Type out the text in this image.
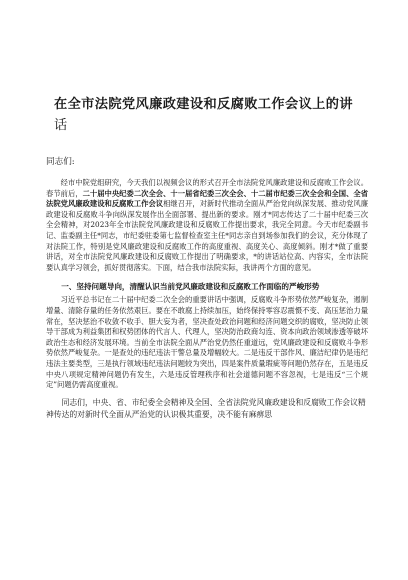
在全市法院党风廉政建设和反腐败工作会议上的讲
话
同志们:

经市中院党组研究，今天我们以视频会议的形式召开全市法院党风廉政建设和反腐败工作会议。春节前后，二十届中央纪委二次全会、十一届省纪委三次全会、十二届市纪委三次全会和全国、全省法院党风廉政建设和反腐败工作会议相继召开，对新时代推动全面从严治党向纵深发展、推动党风廉政建设和反腐败斗争向纵深发展作出全面部署、提出新的要求。刚才*同志传达了二十届中纪委三次全会精神，对2023年全市法院党风廉政建设和反腐败工作提出要求，我完全同意。今天市纪委副书记、监委副主任*同志，市纪委驻委第七监督检查室主任*同志亲自到场参加我们的会议，充分体现了对法院工作，特别是党风廉政建设和反腐败工作的高度重视、高度关心、高度倾斜。刚才*做了重要讲话，对全市法院党风廉政建设和反腐败工作提出了明确要求，*的讲话站位高、内容实，全市法院要认真学习领会，抓好贯彻落实。下面，结合我市法院实际，我讲两个方面的意见。

一、坚持问题导向，清醒认识当前党风廉政建设和反腐败工作面临的严峻形势

习近平总书记在二十届中纪委二次全会的重要讲话中强调，反腐败斗争形势依然严峻复杂，遏制增量、清除存量的任务依然艰巨。要在不敢腐上持续加压，始终保持零容忍震慑不变、高压惩治力量常在，坚决惩治不收敛不收手、胆大妄为者，坚决查处政治问题和经济问题交织的腐败，坚决防止领导干部成为利益集团和权势团体的代言人、代理人，坚决防治政商勾连、资本向政治领域渗透等破坏政治生态和经济发展环境。当前全市法院全面从严治党仍然任重道远，党风廉政建设和反腐败斗争形势依然严峻复杂。一是查处的违纪违法干警总量及增幅较大。二是违反干部作风、廉洁纪律仍是违纪违法主要类型，三是执行领域违纪违法问题较为突出，四是案件质量瑕疵等问题仍然存在，五是违反中央八项规定精神问题仍有发生，六是违反管理秩序和社会道德问题不容忽视，七是违反“三个规定”问题仍需高度重视。

同志们，中央、省、市纪委全会精神及全国、全省法院党风廉政建设和反腐败工作会议精神传达的对新时代全面从严治党的认识极其重要，决不能有麻痹思
